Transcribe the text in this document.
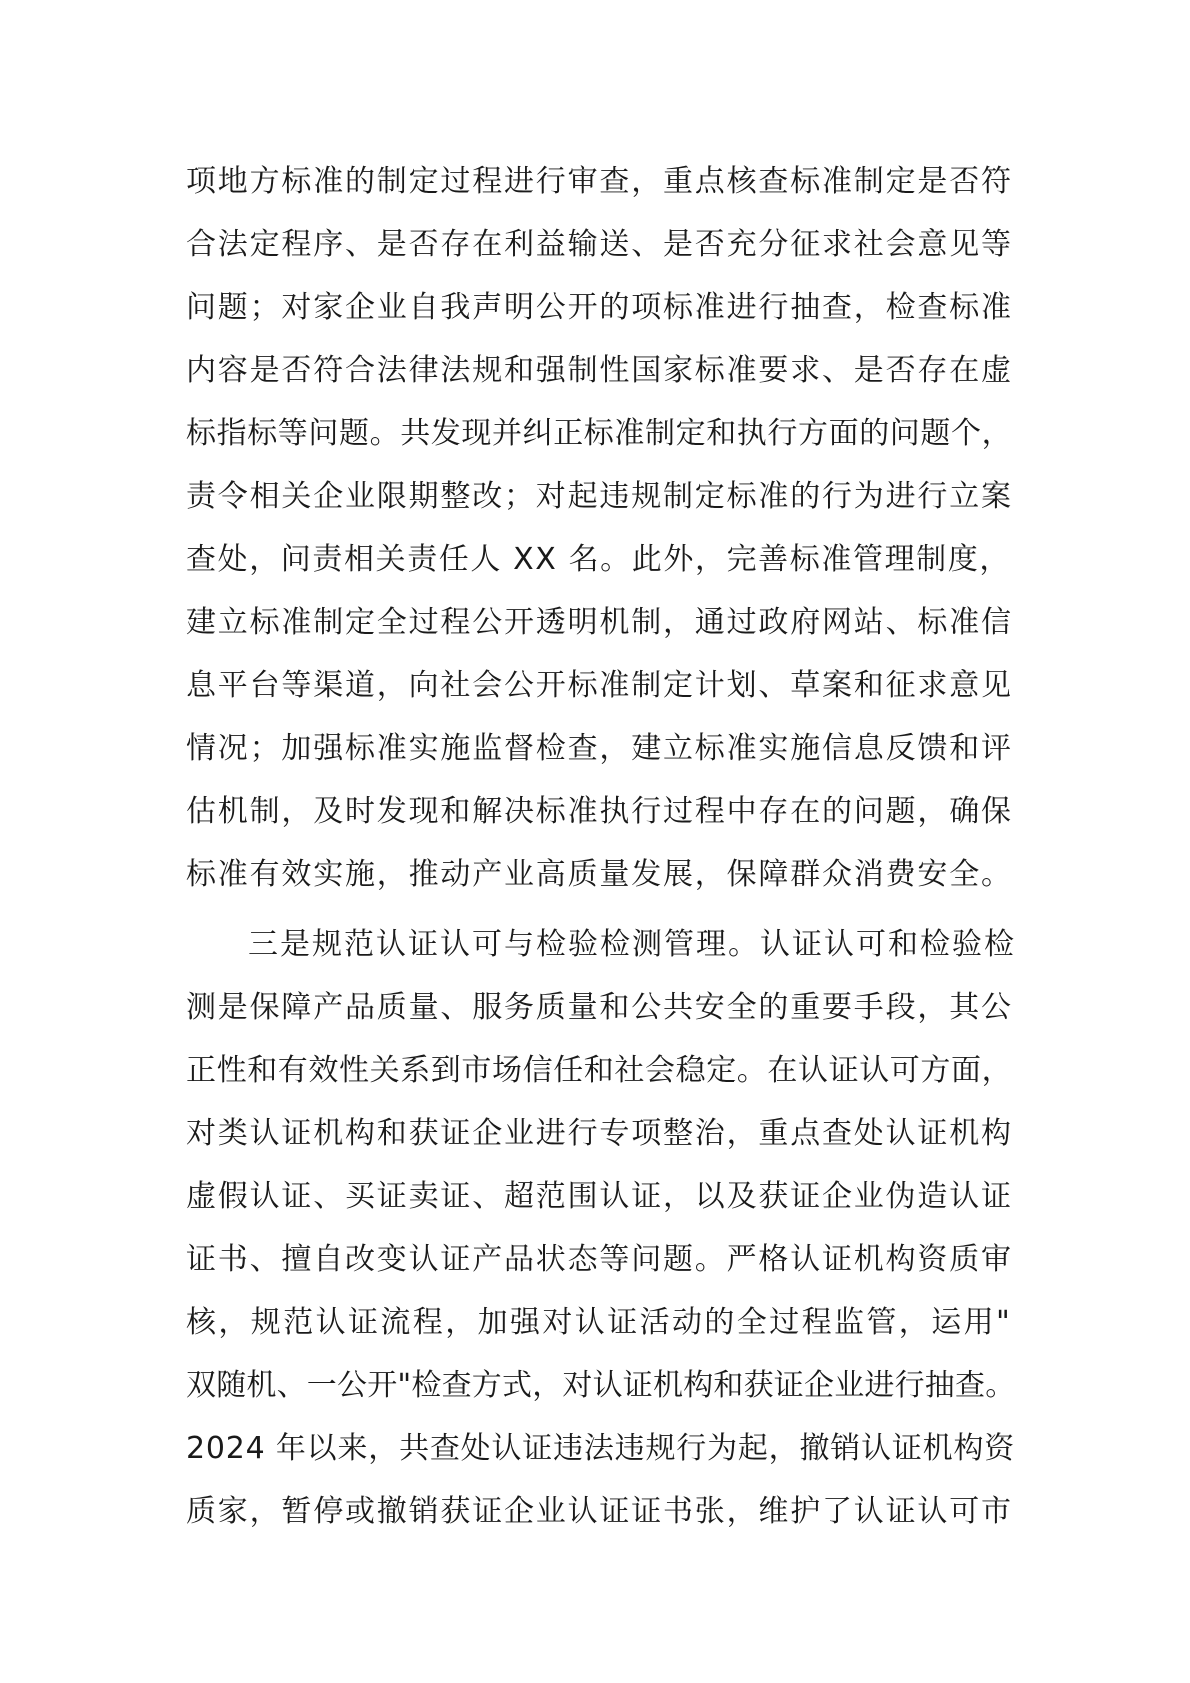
项地方标准的制定过程进行审查，重点核查标准制定是否符
合法定程序、是否存在利益输送、是否充分征求社会意见等
问题；对家企业自我声明公开的项标准进行抽查，检查标准
内容是否符合法律法规和强制性国家标准要求、是否存在虚
标指标等问题。共发现并纠正标准制定和执行方面的问题个，
责令相关企业限期整改；对起违规制定标准的行为进行立案
查处，问责相关责任人 XX 名。此外，完善标准管理制度，
建立标准制定全过程公开透明机制，通过政府网站、标准信
息平台等渠道，向社会公开标准制定计划、草案和征求意见
情况；加强标准实施监督检查，建立标准实施信息反馈和评
估机制，及时发现和解决标准执行过程中存在的问题，确保
标准有效实施，推动产业高质量发展，保障群众消费安全。
三是规范认证认可与检验检测管理。认证认可和检验检
测是保障产品质量、服务质量和公共安全的重要手段，其公
正性和有效性关系到市场信任和社会稳定。在认证认可方面，
对类认证机构和获证企业进行专项整治，重点查处认证机构
虚假认证、买证卖证、超范围认证，以及获证企业伪造认证
证书、擅自改变认证产品状态等问题。严格认证机构资质审
核，规范认证流程，加强对认证活动的全过程监管，运用"
双随机、一公开"检查方式，对认证机构和获证企业进行抽查。
2024 年以来，共查处认证违法违规行为起，撤销认证机构资
质家，暂停或撤销获证企业认证证书张，维护了认证认可市
